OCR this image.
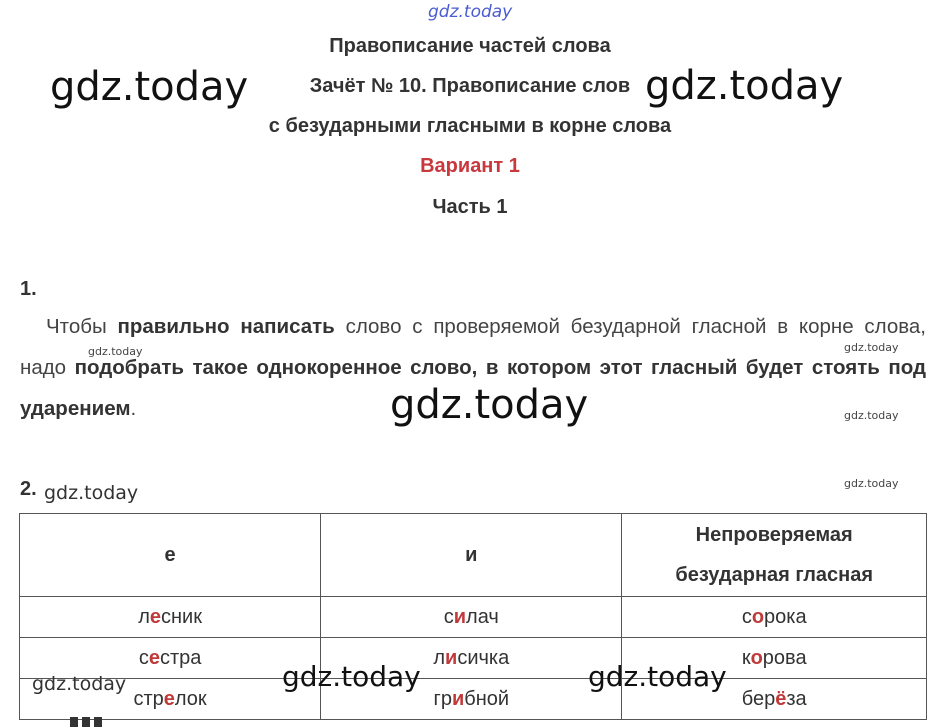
gdz.today
Правописание частей слова
Зачёт № 10. Правописание слов
с безударными гласными в корне слова
Вариант 1
Часть 1
gdz.today	gdz.today
1.
Чтобы правильно написать слово с проверяемой безударной гласной в корне слова, надо подобрать такое однокоренное слово, в котором этот гласный будет стоять под ударением.
gdz.today	gdz.today
gdz.today	gdz.today
2. gdz.today	gdz.today
е	и	Непроверяемая безударная гласная
лесник	силач	сорока
сестра	лисичка	корова
стрелок	грибной	берёза
gdz.today	gdz.today	gdz.today
